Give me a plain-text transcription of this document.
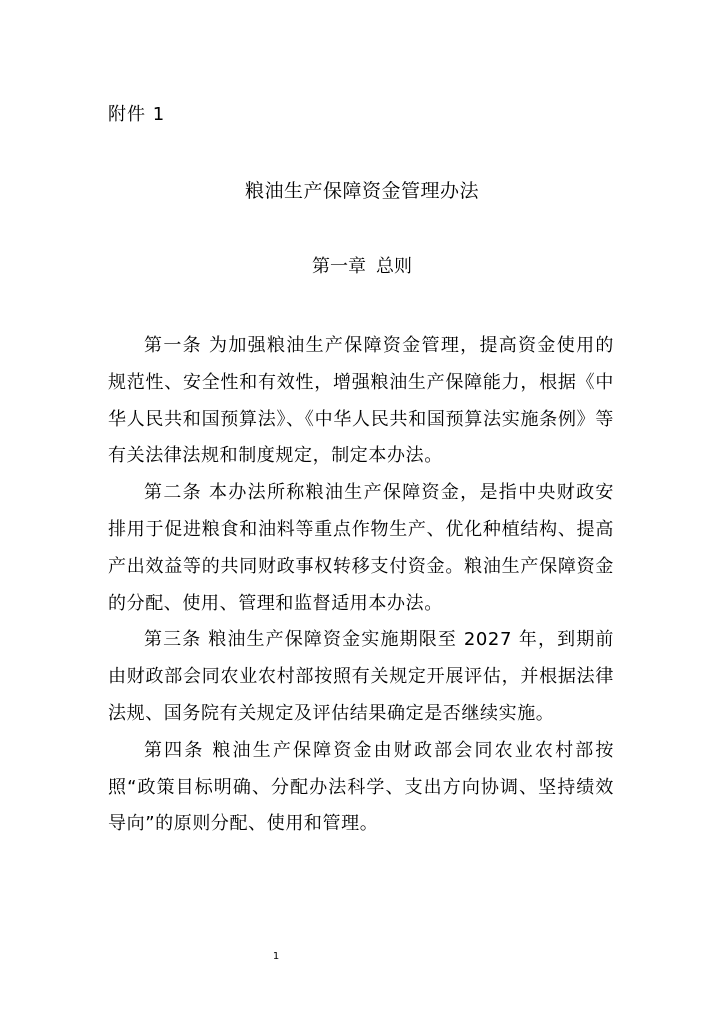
附件 1
粮油生产保障资金管理办法
第一章 总则

第一条 为加强粮油生产保障资金管理，提高资金使用的规范性、安全性和有效性，增强粮油生产保障能力，根据《中华人民共和国预算法》、《中华人民共和国预算法实施条例》等有关法律法规和制度规定，制定本办法。

第二条 本办法所称粮油生产保障资金，是指中央财政安排用于促进粮食和油料等重点作物生产、优化种植结构、提高产出效益等的共同财政事权转移支付资金。粮油生产保障资金的分配、使用、管理和监督适用本办法。

第三条 粮油生产保障资金实施期限至 2027 年，到期前由财政部会同农业农村部按照有关规定开展评估，并根据法律法规、国务院有关规定及评估结果确定是否继续实施。

第四条 粮油生产保障资金由财政部会同农业农村部按照“政策目标明确、分配办法科学、支出方向协调、坚持绩效导向”的原则分配、使用和管理。

1
